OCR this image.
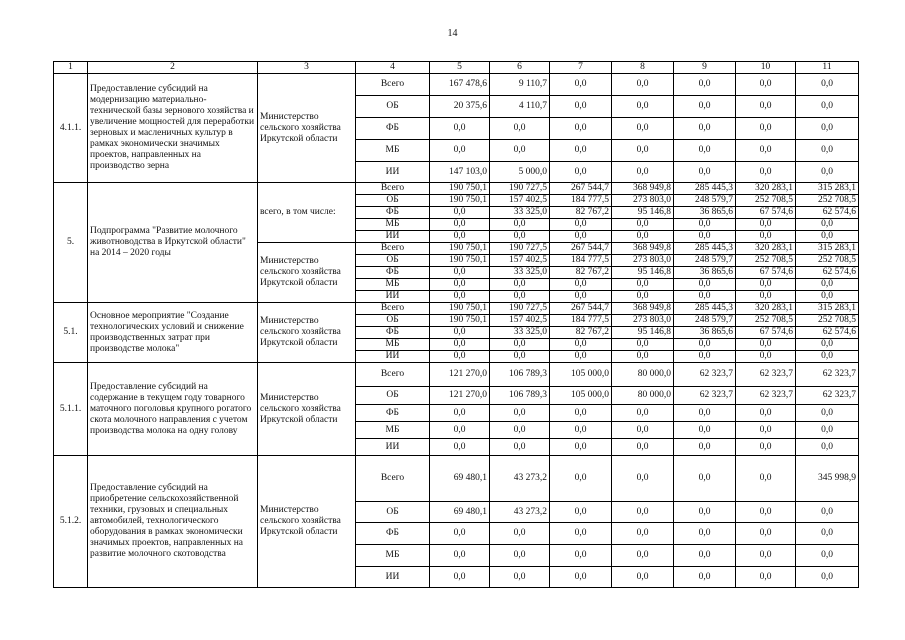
14
1	2	3	4	5	6	7	8	9	10	11
4.1.1.	Предоставление субсидий на модернизацию материально-технической базы зернового хозяйства и увеличение мощностей для переработки зерновых и масленичных культур в рамках экономически значимых проектов, направленных на производство зерна	Министерство сельского хозяйства Иркутской области	Всего	167 478,6	9 110,7	0,0	0,0	0,0	0,0	0,0
			ОБ	20 375,6	4 110,7	0,0	0,0	0,0	0,0	0,0
			ФБ	0,0	0,0	0,0	0,0	0,0	0,0	0,0
			МБ	0,0	0,0	0,0	0,0	0,0	0,0	0,0
			ИИ	147 103,0	5 000,0	0,0	0,0	0,0	0,0	0,0
5.	Подпрограмма "Развитие молочного животноводства в Иркутской области" на 2014 – 2020 годы	всего, в том числе:	Всего	190 750,1	190 727,5	267 544,7	368 949,8	285 445,3	320 283,1	315 283,1
			ОБ	190 750,1	157 402,5	184 777,5	273 803,0	248 579,7	252 708,5	252 708,5
			ФБ	0,0	33 325,0	82 767,2	95 146,8	36 865,6	67 574,6	62 574,6
			МБ	0,0	0,0	0,0	0,0	0,0	0,0	0,0
			ИИ	0,0	0,0	0,0	0,0	0,0	0,0	0,0
		Министерство сельского хозяйства Иркутской области	Всего	190 750,1	190 727,5	267 544,7	368 949,8	285 445,3	320 283,1	315 283,1
			ОБ	190 750,1	157 402,5	184 777,5	273 803,0	248 579,7	252 708,5	252 708,5
			ФБ	0,0	33 325,0	82 767,2	95 146,8	36 865,6	67 574,6	62 574,6
			МБ	0,0	0,0	0,0	0,0	0,0	0,0	0,0
			ИИ	0,0	0,0	0,0	0,0	0,0	0,0	0,0
5.1.	Основное мероприятие "Создание технологических условий и снижение производственных затрат при производстве молока"	Министерство сельского хозяйства Иркутской области	Всего	190 750,1	190 727,5	267 544,7	368 949,8	285 445,3	320 283,1	315 283,1
			ОБ	190 750,1	157 402,5	184 777,5	273 803,0	248 579,7	252 708,5	252 708,5
			ФБ	0,0	33 325,0	82 767,2	95 146,8	36 865,6	67 574,6	62 574,6
			МБ	0,0	0,0	0,0	0,0	0,0	0,0	0,0
			ИИ	0,0	0,0	0,0	0,0	0,0	0,0	0,0
5.1.1.	Предоставление субсидий на содержание в текущем году товарного маточного поголовья крупного рогатого скота молочного направления с учетом производства молока на одну голову	Министерство сельского хозяйства Иркутской области	Всего	121 270,0	106 789,3	105 000,0	80 000,0	62 323,7	62 323,7	62 323,7
			ОБ	121 270,0	106 789,3	105 000,0	80 000,0	62 323,7	62 323,7	62 323,7
			ФБ	0,0	0,0	0,0	0,0	0,0	0,0	0,0
			МБ	0,0	0,0	0,0	0,0	0,0	0,0	0,0
			ИИ	0,0	0,0	0,0	0,0	0,0	0,0	0,0
5.1.2.	Предоставление субсидий на приобретение сельскохозяйственной техники, грузовых и специальных автомобилей, технологического оборудования в рамках экономически значимых проектов, направленных на развитие молочного скотоводства	Министерство сельского хозяйства Иркутской области	Всего	69 480,1	43 273,2	0,0	0,0	0,0	0,0	345 998,9
			ОБ	69 480,1	43 273,2	0,0	0,0	0,0	0,0	0,0
			ФБ	0,0	0,0	0,0	0,0	0,0	0,0	0,0
			МБ	0,0	0,0	0,0	0,0	0,0	0,0	0,0
			ИИ	0,0	0,0	0,0	0,0	0,0	0,0	0,0
